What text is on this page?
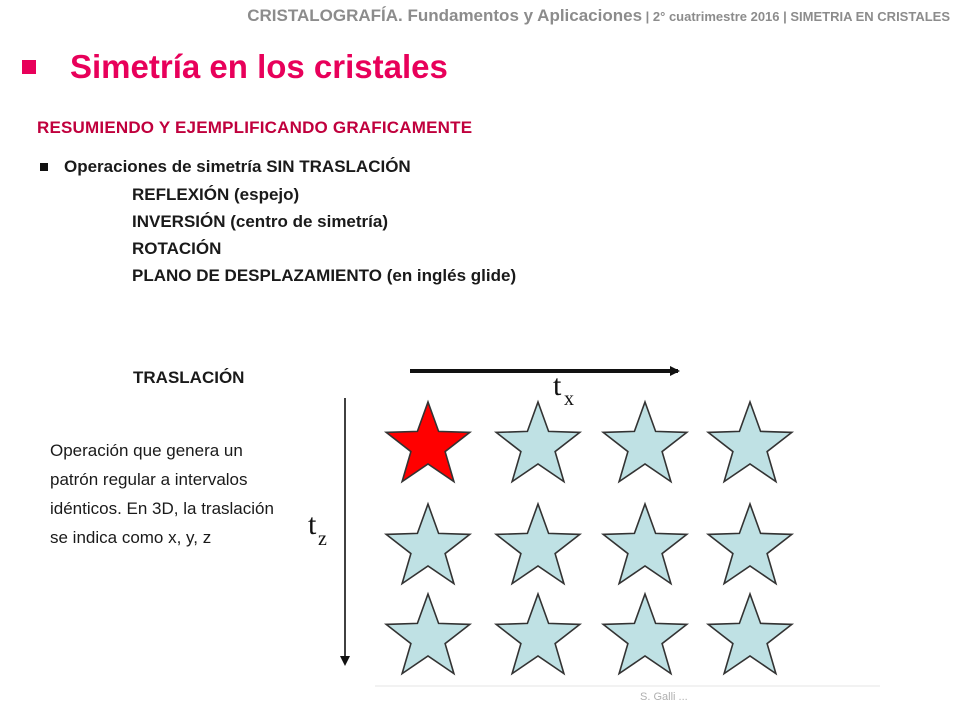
CRISTALOGRAFÍA. Fundamentos y Aplicaciones | 2° cuatrimestre 2016 | SIMETRIA EN CRISTALES
Simetría en los cristales
RESUMIENDO Y EJEMPLIFICANDO GRAFICAMENTE
Operaciones de simetría SIN TRASLACIÓN
REFLEXIÓN (espejo)
INVERSIÓN (centro de simetría)
ROTACIÓN
PLANO DE DESPLAZAMIENTO (en inglés glide)
TRASLACIÓN
Operación que genera un patrón regular a intervalos idénticos. En 3D, la traslación se indica como x, y, z
t x
t z
S. Galli ...
